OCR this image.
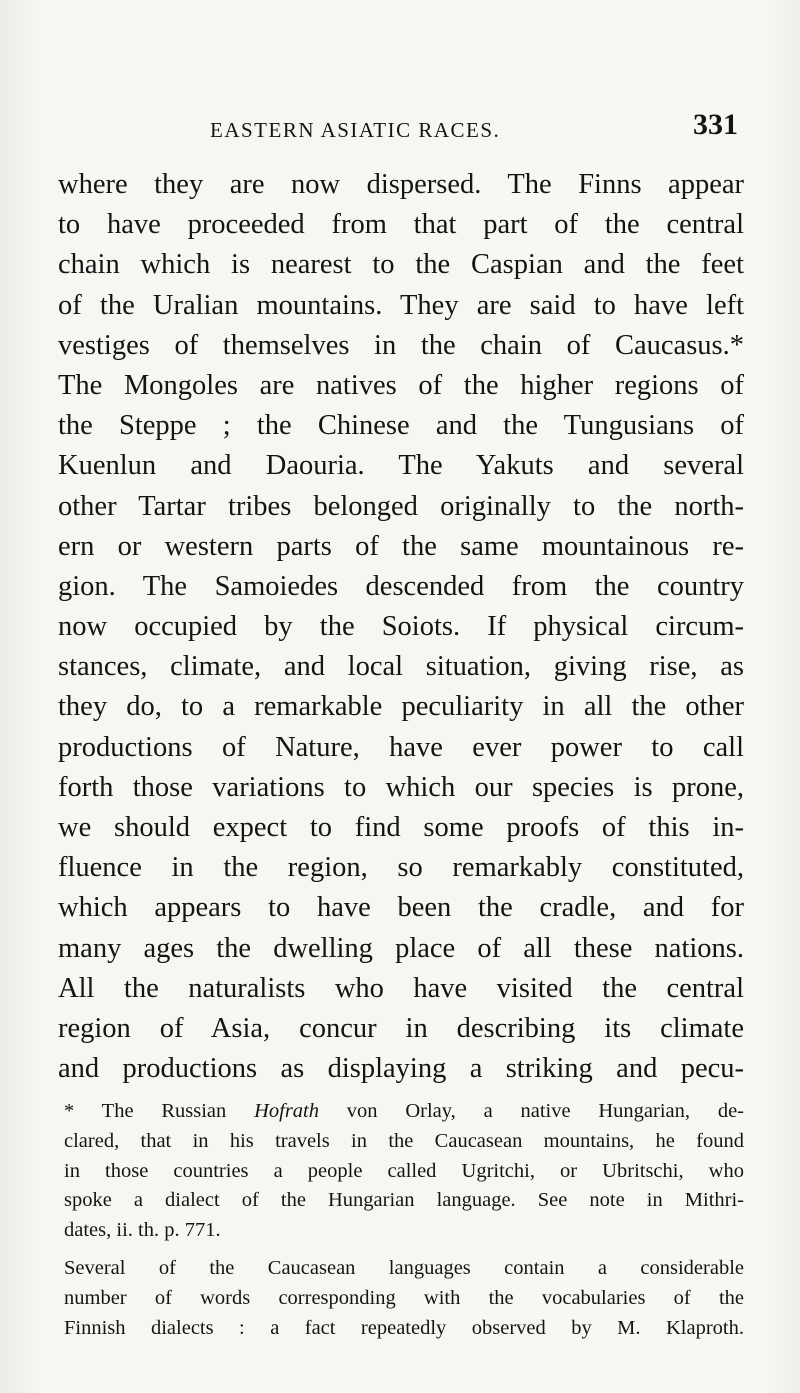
EASTERN ASIATIC RACES.	331
where they are now dispersed. The Finns appear
to have proceeded from that part of the central
chain which is nearest to the Caspian and the feet
of the Uralian mountains. They are said to have left
vestiges of themselves in the chain of Caucasus.*
The Mongoles are natives of the higher regions of
the Steppe ; the Chinese and the Tungusians of
Kuenlun and Daouria. The Yakuts and several
other Tartar tribes belonged originally to the north-
ern or western parts of the same mountainous re-
gion. The Samoiedes descended from the country
now occupied by the Soiots. If physical circum-
stances, climate, and local situation, giving rise, as
they do, to a remarkable peculiarity in all the other
productions of Nature, have ever power to call
forth those variations to which our species is prone,
we should expect to find some proofs of this in-
fluence in the region, so remarkably constituted,
which appears to have been the cradle, and for
many ages the dwelling place of all these nations.
All the naturalists who have visited the central
region of Asia, concur in describing its climate
and productions as displaying a striking and pecu-
* The Russian Hofrath von Orlay, a native Hungarian, de-
clared, that in his travels in the Caucasean mountains, he found
in those countries a people called Ugritchi, or Ubritschi, who
spoke a dialect of the Hungarian language. See note in Mithri-
dates, ii. th. p. 771.
Several of the Caucasean languages contain a considerable
number of words corresponding with the vocabularies of the
Finnish dialects : a fact repeatedly observed by M. Klaproth.
